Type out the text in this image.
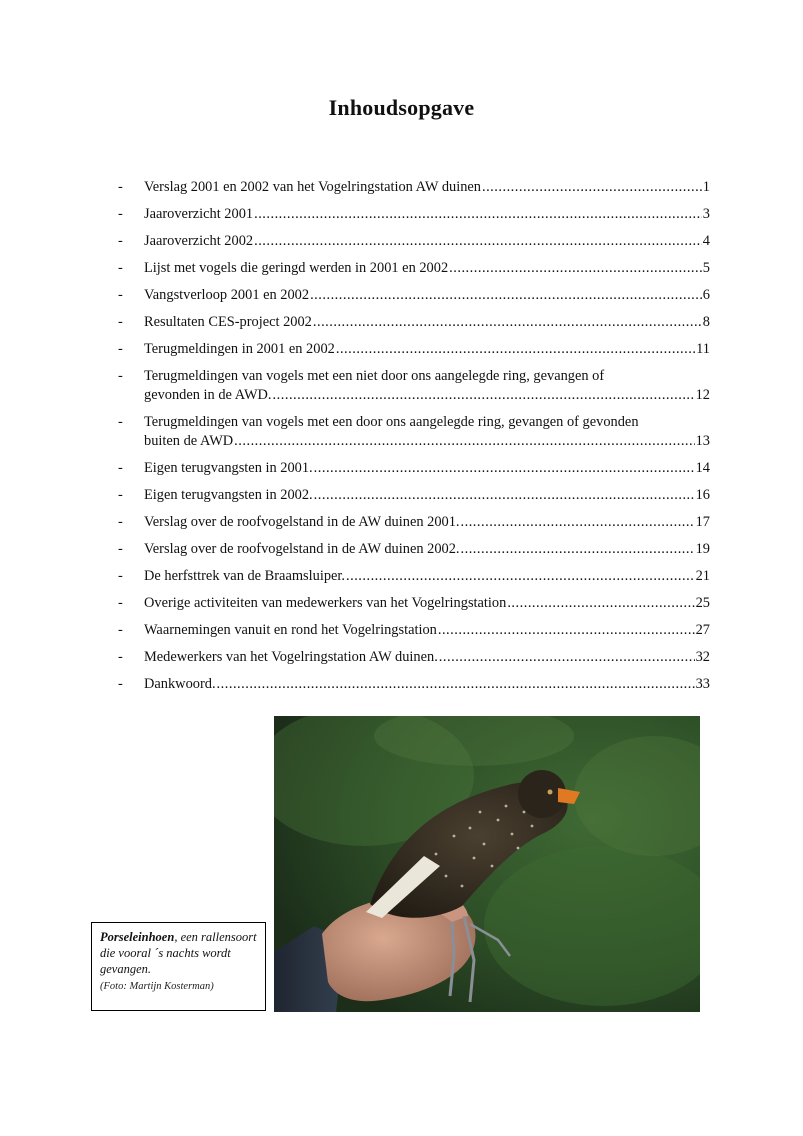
Inhoudsopgave
-	Verslag 2001 en 2002 van het Vogelringstation AW duinen .....	1
-	Jaaroverzicht 2001 .....	3
-	Jaaroverzicht 2002 .....	4
-	Lijst met vogels die geringd werden in 2001 en 2002 .....	5
-	Vangstverloop 2001 en 2002 .....	6
-	Resultaten CES-project 2002 .....	8
-	Terugmeldingen in 2001 en 2002 .....	11
-	Terugmeldingen van vogels met een niet door ons aangelegde ring, gevangen of
gevonden in de AWD. .....	12
-	Terugmeldingen van vogels met een door ons aangelegde ring, gevangen of gevonden
buiten de AWD .....	13
-	Eigen terugvangsten in 2001. .....	14
-	Eigen terugvangsten in 2002. .....	16
-	Verslag over de roofvogelstand in de AW duinen 2001. .....	17
-	Verslag over de roofvogelstand in de AW duinen 2002. .....	19
-	De herfsttrek van de Braamsluiper. .....	21
-	Overige activiteiten van medewerkers van het Vogelringstation .....	25
-	Waarnemingen vanuit en rond het Vogelringstation .....	27
-	Medewerkers van het Vogelringstation AW duinen. .....	32
-	Dankwoord. .....	33
Porseleinhoen, een rallensoort die vooral ´s nachts wordt gevangen.
(Foto: Martijn Kosterman)
